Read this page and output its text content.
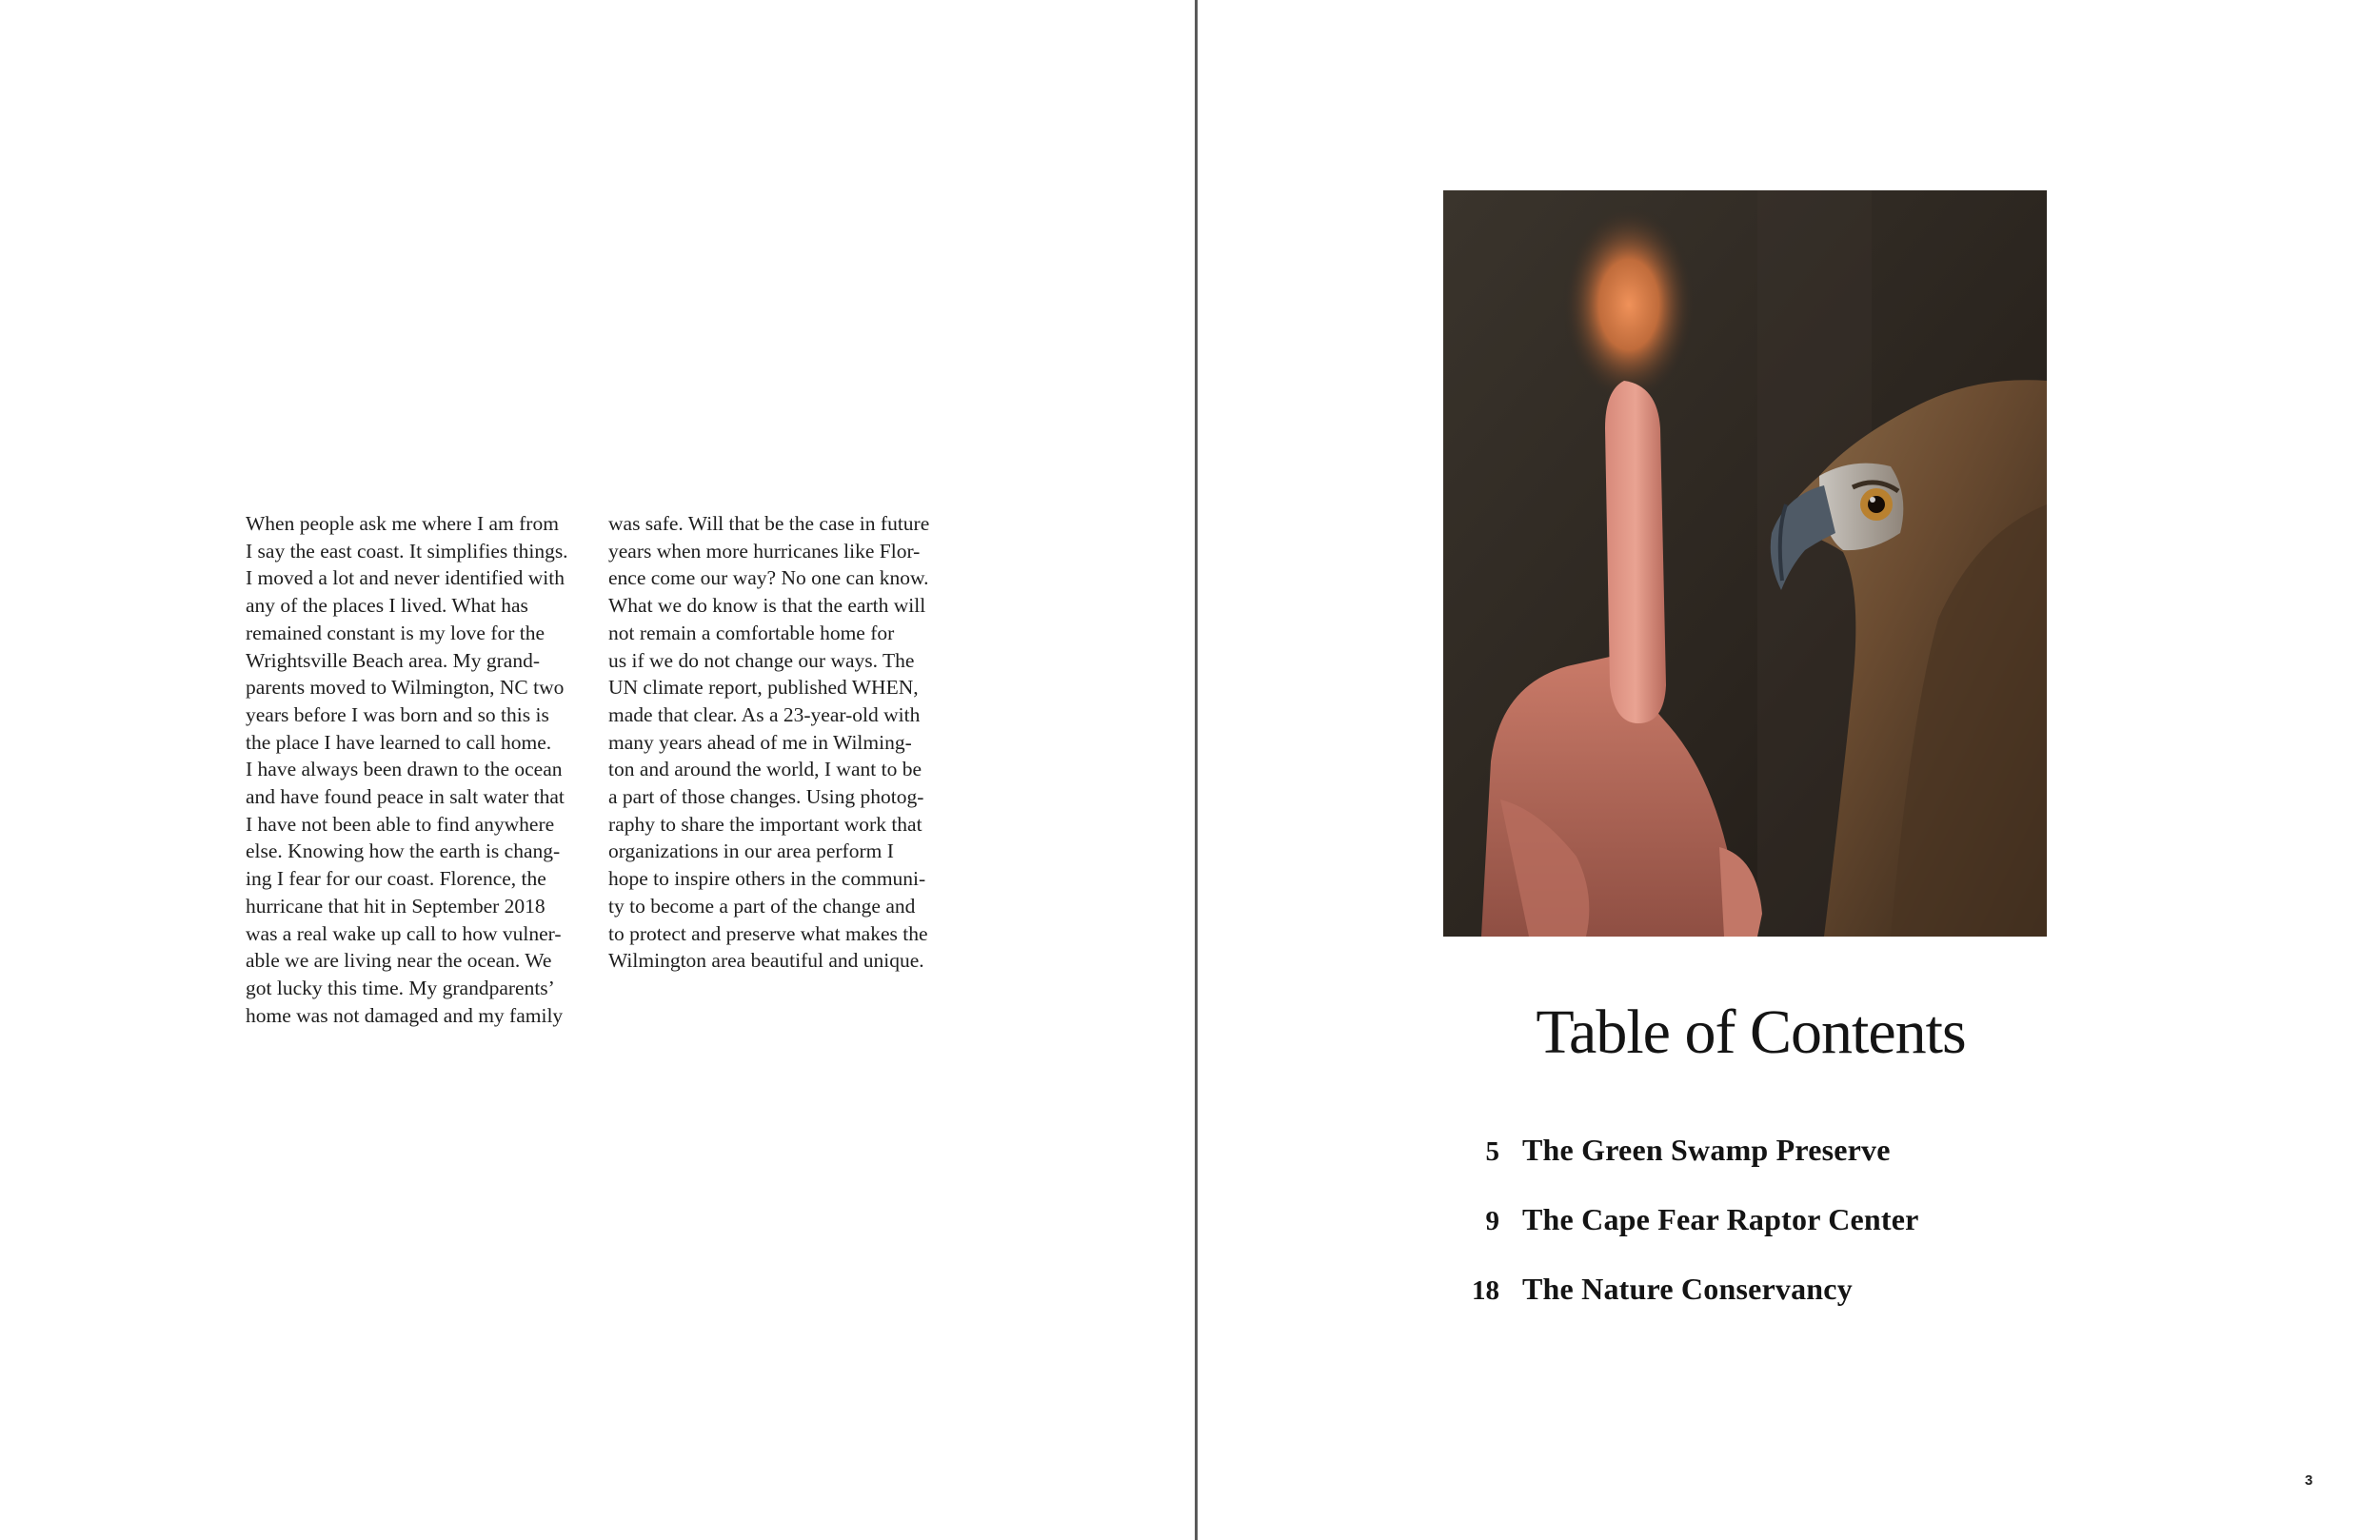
When people ask me where I am from
I say the east coast. It simplifies things.
I moved a lot and never identified with
any of the places I lived. What has
remained constant is my love for the
Wrightsville Beach area. My grand-
parents moved to Wilmington, NC two
years before I was born and so this is
the place I have learned to call home.
I have always been drawn to the ocean
and have found peace in salt water that
I have not been able to find anywhere
else. Knowing how the earth is chang-
ing I fear for our coast. Florence, the
hurricane that hit in September 2018
was a real wake up call to how vulner-
able we are living near the ocean. We
got lucky this time. My grandparents’
home was not damaged and my family

was safe. Will that be the case in future
years when more hurricanes like Flor-
ence come our way? No one can know.
What we do know is that the earth will
not remain a comfortable home for
us if we do not change our ways. The
UN climate report, published WHEN,
made that clear. As a 23-year-old with
many years ahead of me in Wilming-
ton and around the world, I want to be
a part of those changes. Using photog-
raphy to share the important work that
organizations in our area perform I
hope to inspire others in the communi-
ty to become a part of the change and
to protect and preserve what makes the
Wilmington area beautiful and unique.

Table of Contents
5 The Green Swamp Preserve
9 The Cape Fear Raptor Center
18 The Nature Conservancy
3
